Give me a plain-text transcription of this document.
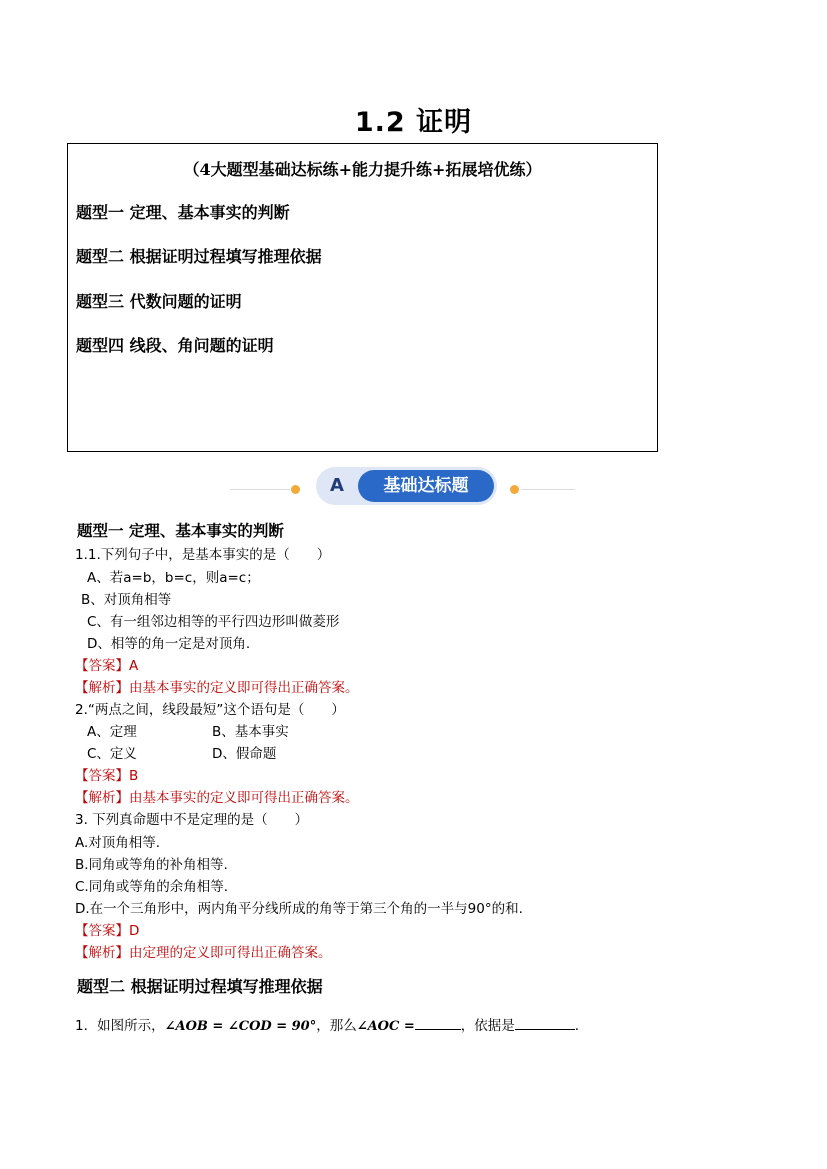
1.2 证明
（4大题型基础达标练+能力提升练+拓展培优练）
题型一 定理、基本事实的判断
题型二 根据证明过程填写推理依据
题型三 代数问题的证明
题型四 线段、角问题的证明
A	基础达标题
题型一 定理、基本事实的判断
1.1.下列句子中，是基本事实的是（　　）
A、若a=b，b=c，则a=c；
B、对顶角相等
C、有一组邻边相等的平行四边形叫做菱形
D、相等的角一定是对顶角.
【答案】A
【解析】由基本事实的定义即可得出正确答案。
2.“两点之间，线段最短”这个语句是（　　）
A、定理	B、基本事实
C、定义	D、假命题
【答案】B
【解析】由基本事实的定义即可得出正确答案。
3. 下列真命题中不是定理的是（　　）
A.对顶角相等.
B.同角或等角的补角相等.
C.同角或等角的余角相等.
D.在一个三角形中，两内角平分线所成的角等于第三个角的一半与90°的和.
【答案】D
【解析】由定理的定义即可得出正确答案。
题型二 根据证明过程填写推理依据
1．如图所示，∠AOB = ∠COD = 90°，那么∠AOC =	，依据是	.
